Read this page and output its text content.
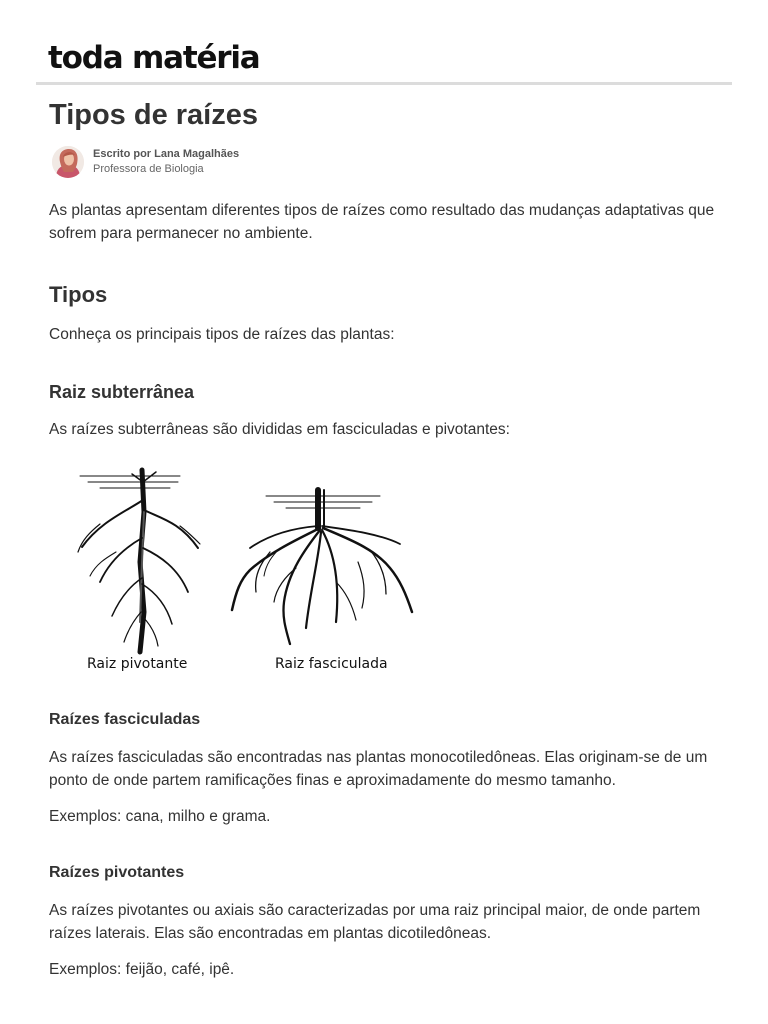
toda matéria
Tipos de raízes
Escrito por Lana Magalhães
Professora de Biologia

As plantas apresentam diferentes tipos de raízes como resultado das mudanças adaptativas que sofrem para permanecer no ambiente.

Tipos

Conheça os principais tipos de raízes das plantas:

Raiz subterrânea

As raízes subterrâneas são divididas em fasciculadas e pivotantes:

Raiz pivotante	Raiz fasciculada
Raízes fasciculadas

As raízes fasciculadas são encontradas nas plantas monocotiledôneas. Elas originam-se de um ponto de onde partem ramificações finas e aproximadamente do mesmo tamanho.

Exemplos: cana, milho e grama.

Raízes pivotantes

As raízes pivotantes ou axiais são caracterizadas por uma raiz principal maior, de onde partem raízes laterais. Elas são encontradas em plantas dicotiledôneas.

Exemplos: feijão, café, ipê.
